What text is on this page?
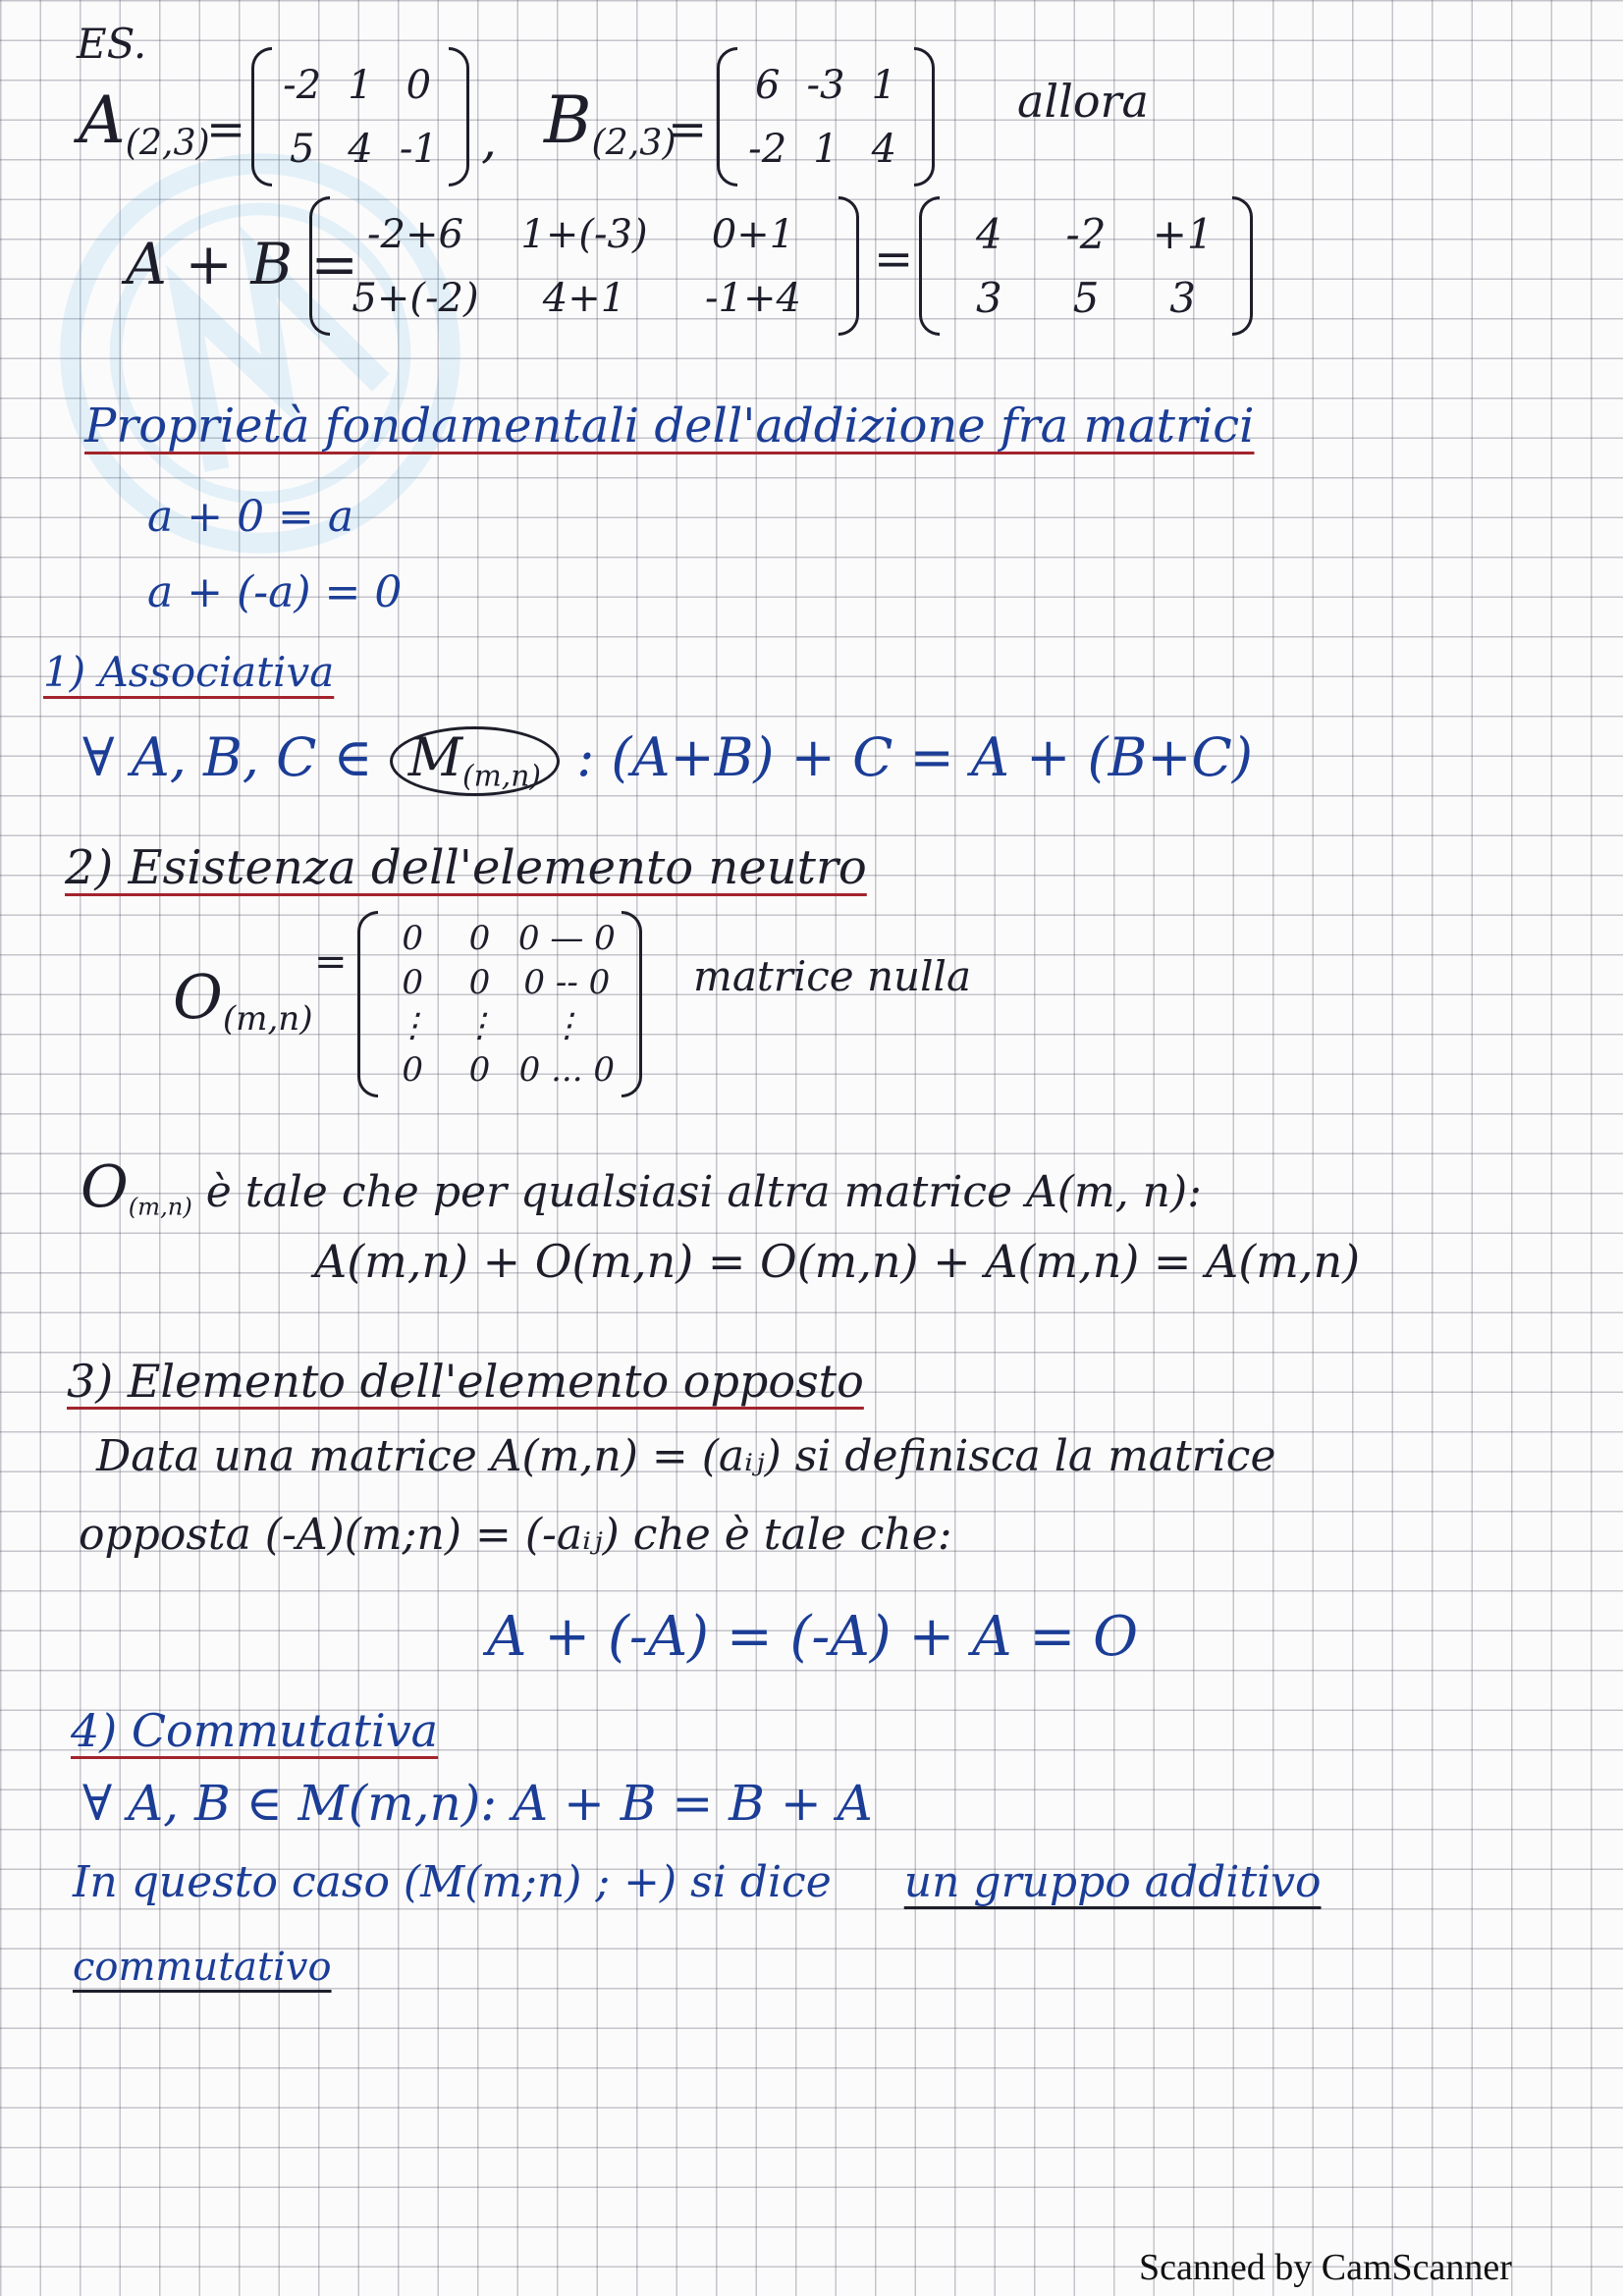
ES.
$A_{(2,3)}$
=
-2 1 0
5 4 -1 , $B_{(2,3)}$
=
6 -3 1
-2 1 4
allora
A + B = -2+6 1+(-3) 0+1
5+(-2) 4+1 -1+4
= 4 -2 +1
3 5 3
Proprietà fondamentali dell'addizione fra matrici
a + 0 = a
a + (-a) = 0
1) Associativa
∀ A, B, C ∈ $M_{(m,n)}$ : (A+B) + C = A + (B+C)
2) Esistenza dell'elemento neutro
$O_{(m,n)}$
=
0 0 0 — 0
0 0 0 -- 0
⋮ ⋮ ⋮
0 0 0 ... 0
matrice nulla
$O_{(m,n)}$ è tale che per qualsiasi altra matrice A(m, n):
A(m,n) + O(m,n) = O(m,n) + A(m,n) = A(m,n)
3) Elemento dell'elemento opposto
Data una matrice A(m,n) = (aᵢⱼ) si definisca la matrice
opposta (-A)(m;n) = (-aᵢⱼ) che è tale che:
A + (-A) = (-A) + A = O
4) Commutativa
∀ A, B ∈ M(m,n): A + B = B + A
In questo caso (M(m;n) ; +) si dice un gruppo additivo
commutativo
Scanned by CamScanner
